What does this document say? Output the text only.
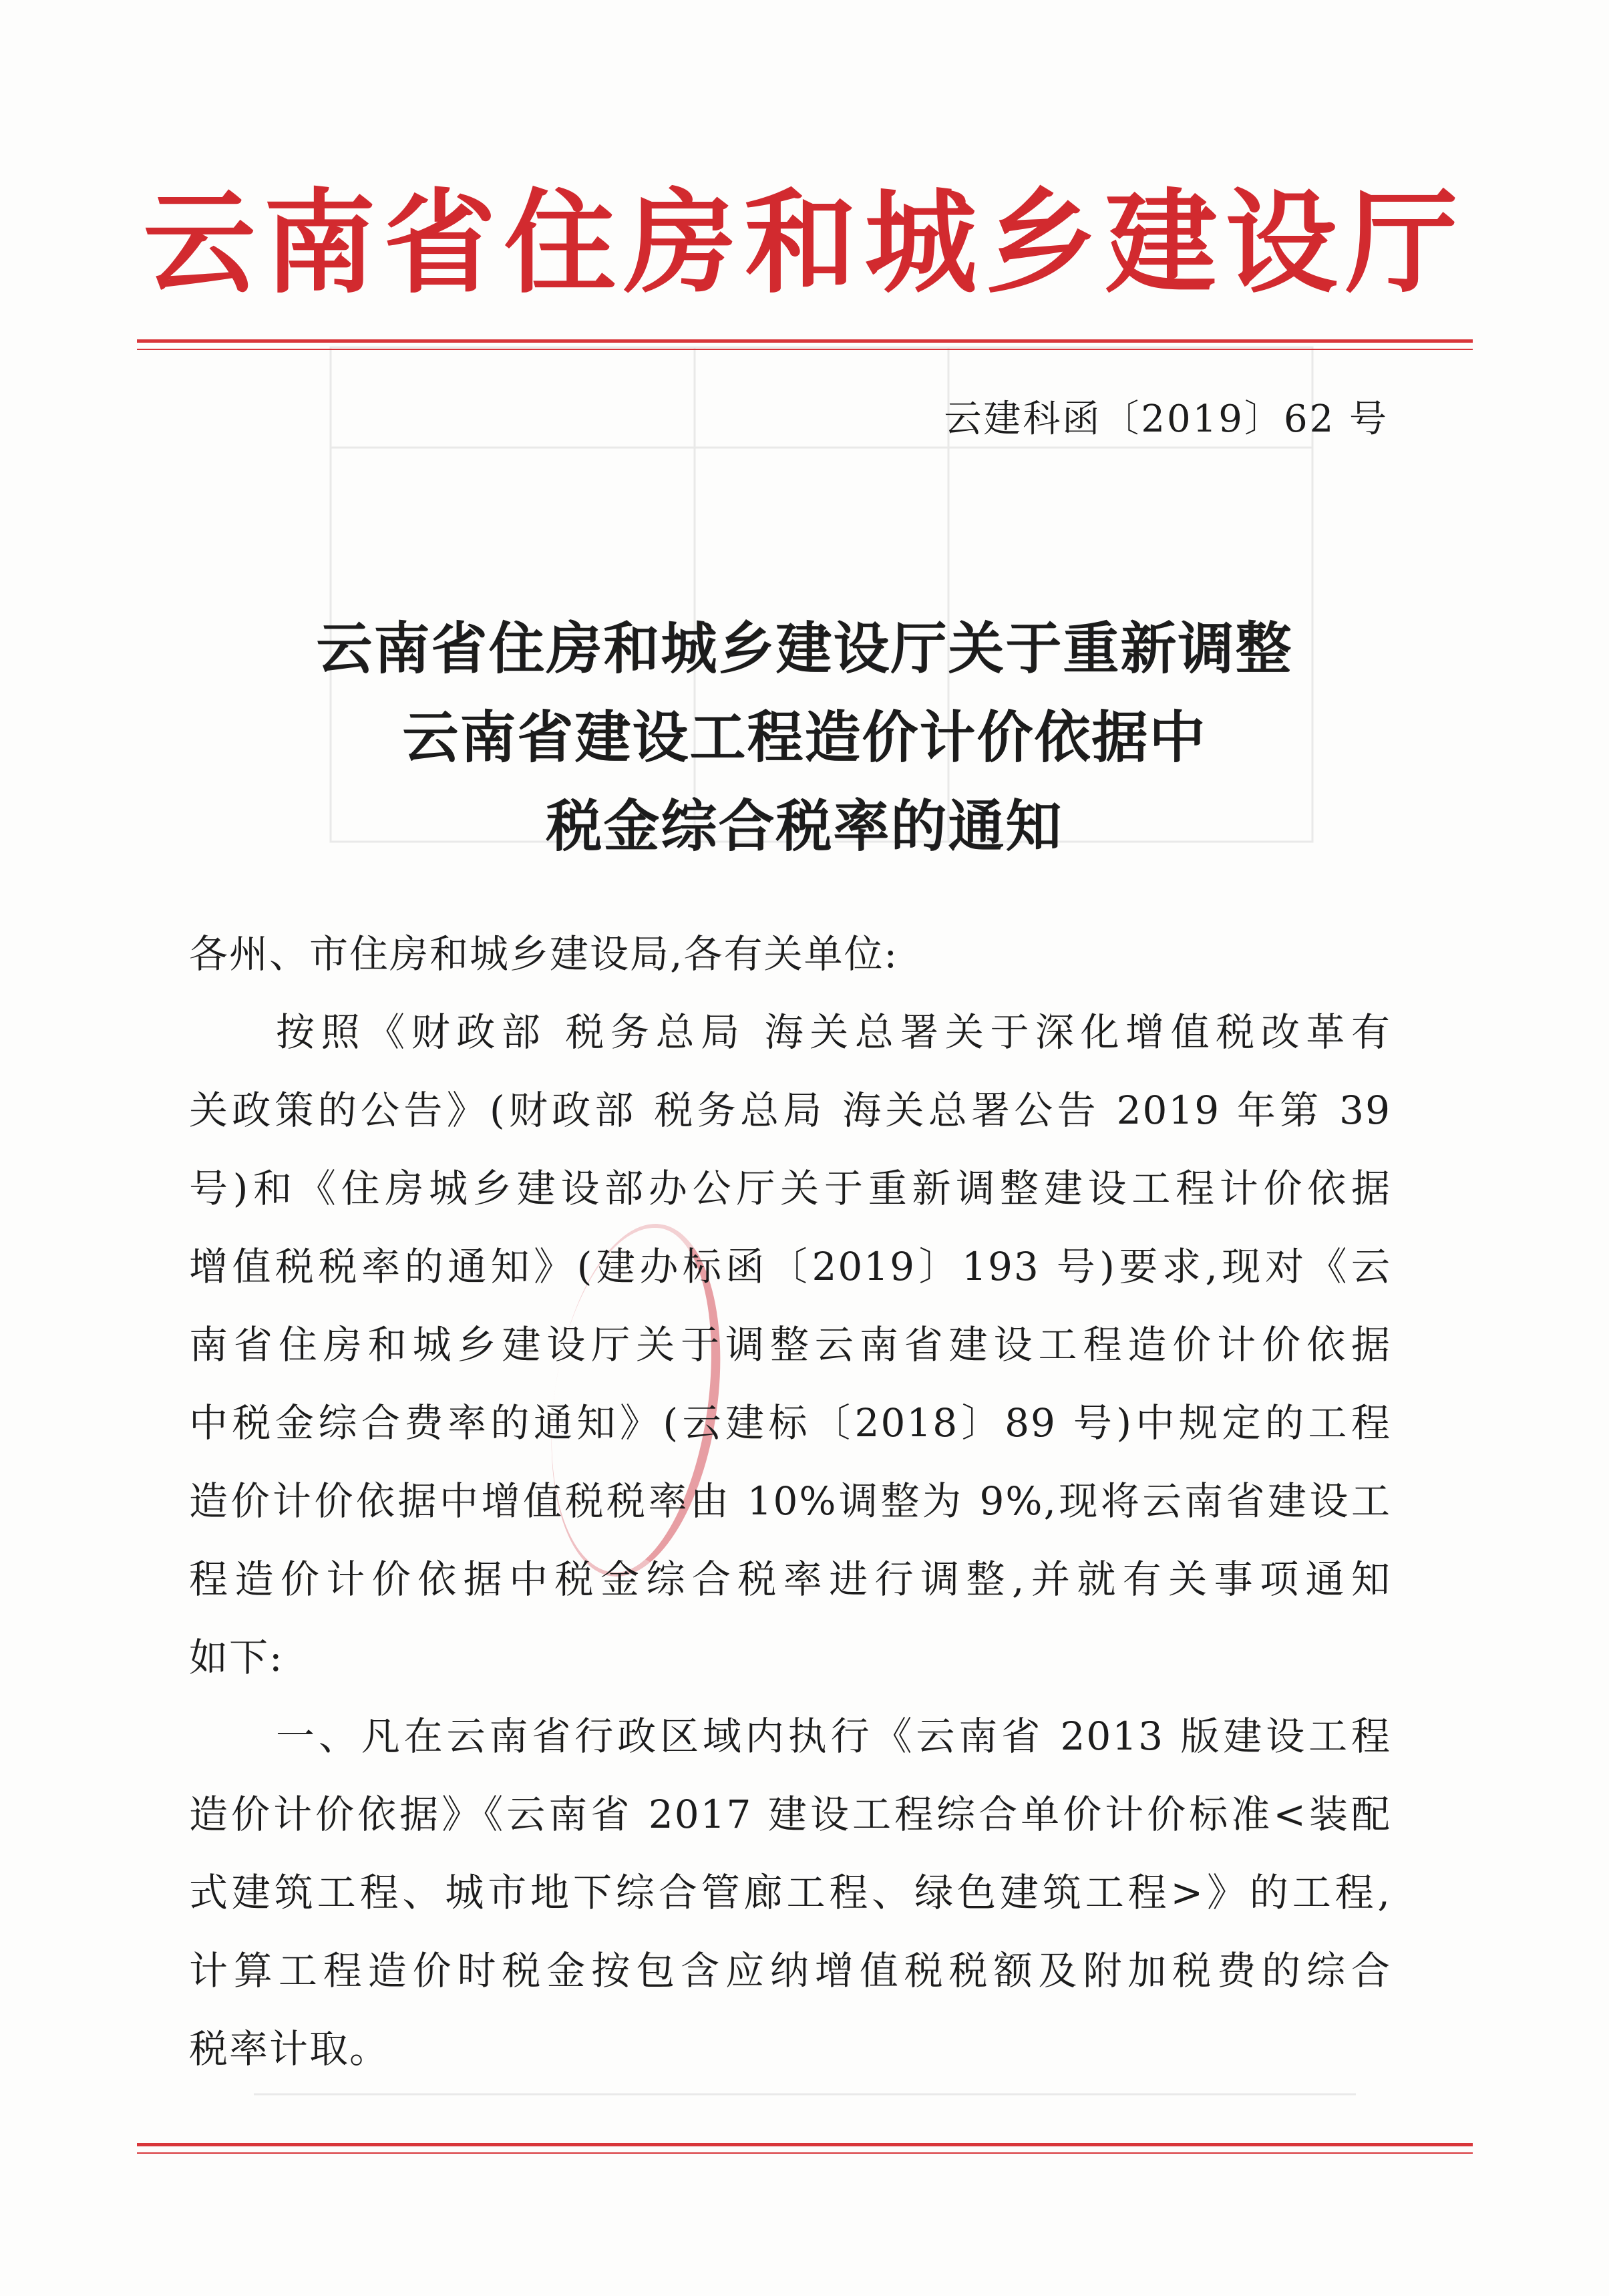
云南省住房和城乡建设厅
云建科函〔2019〕62 号
云南省住房和城乡建设厅关于重新调整
云南省建设工程造价计价依据中
税金综合税率的通知
各州、市住房和城乡建设局,各有关单位:
按照《财政部 税务总局 海关总署关于深化增值税改革有
关政策的公告》(财政部 税务总局 海关总署公告 2019 年第 39
号)和《住房城乡建设部办公厅关于重新调整建设工程计价依据
增值税税率的通知》(建办标函〔2019〕193 号)要求,现对《云
南省住房和城乡建设厅关于调整云南省建设工程造价计价依据
中税金综合费率的通知》(云建标〔2018〕89 号)中规定的工程
造价计价依据中增值税税率由 10%调整为 9%,现将云南省建设工
程造价计价依据中税金综合税率进行调整,并就有关事项通知
如下:
一、凡在云南省行政区域内执行《云南省 2013 版建设工程
造价计价依据》《云南省 2017 建设工程综合单价计价标准<装配
式建筑工程、城市地下综合管廊工程、绿色建筑工程>》的工程,
计算工程造价时税金按包含应纳增值税税额及附加税费的综合
税率计取。
